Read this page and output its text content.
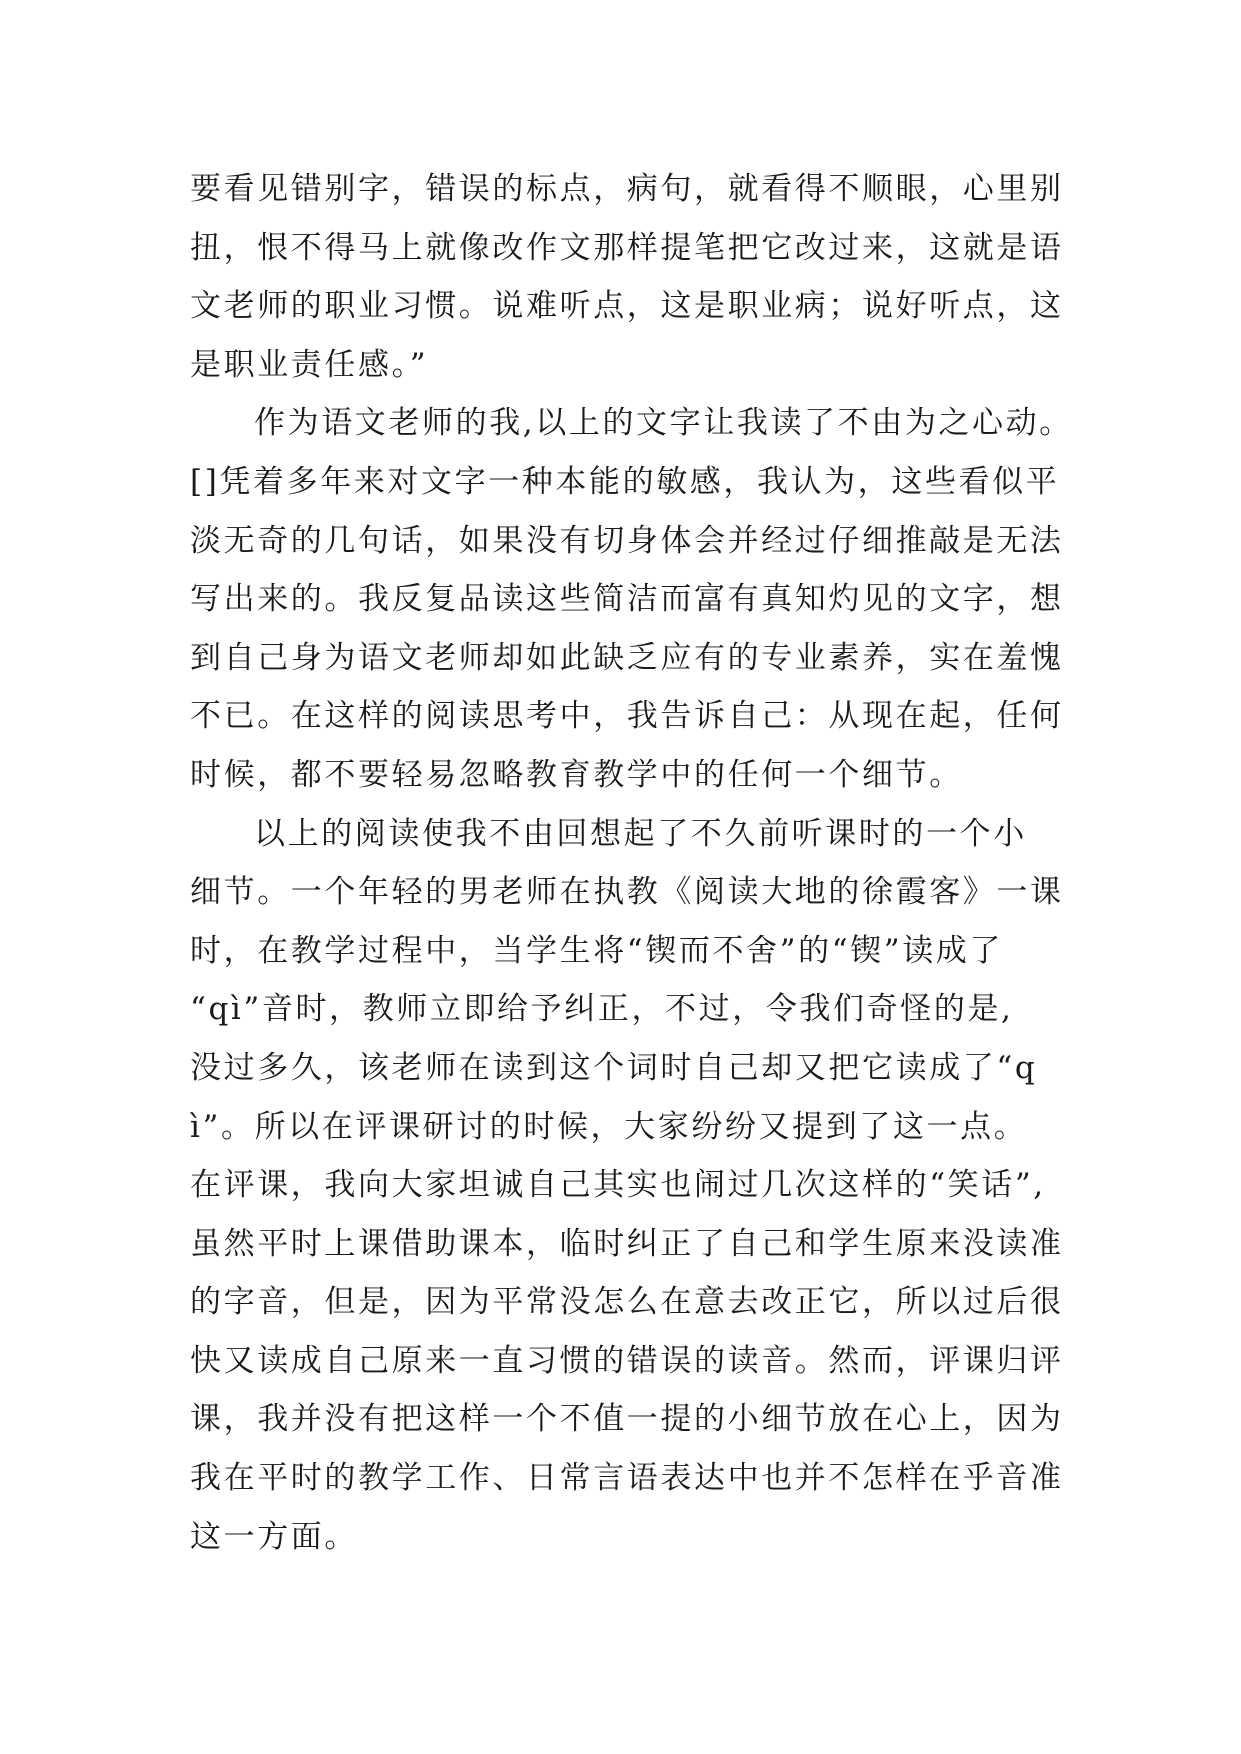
要看见错别字，错误的标点，病句，就看得不顺眼，心里别
扭，恨不得马上就像改作文那样提笔把它改过来，这就是语
文老师的职业习惯。说难听点，这是职业病；说好听点，这
是职业责任感。”
作为语文老师的我,以上的文字让我读了不由为之心动。
[]凭着多年来对文字一种本能的敏感，我认为，这些看似平
淡无奇的几句话，如果没有切身体会并经过仔细推敲是无法
写出来的。我反复品读这些简洁而富有真知灼见的文字，想
到自己身为语文老师却如此缺乏应有的专业素养，实在羞愧
不已。在这样的阅读思考中，我告诉自己：从现在起，任何
时候，都不要轻易忽略教育教学中的任何一个细节。
以上的阅读使我不由回想起了不久前听课时的一个小
细节。一个年轻的男老师在执教《阅读大地的徐霞客》一课
时，在教学过程中，当学生将“锲而不舍”的“锲”读成了
“qì”音时，教师立即给予纠正，不过，令我们奇怪的是,
没过多久，该老师在读到这个词时自己却又把它读成了“q
ì”。所以在评课研讨的时候，大家纷纷又提到了这一点。
在评课，我向大家坦诚自己其实也闹过几次这样的“笑话”,
虽然平时上课借助课本，临时纠正了自己和学生原来没读准
的字音，但是，因为平常没怎么在意去改正它，所以过后很
快又读成自己原来一直习惯的错误的读音。然而，评课归评
课，我并没有把这样一个不值一提的小细节放在心上，因为
我在平时的教学工作、日常言语表达中也并不怎样在乎音准
这一方面。
